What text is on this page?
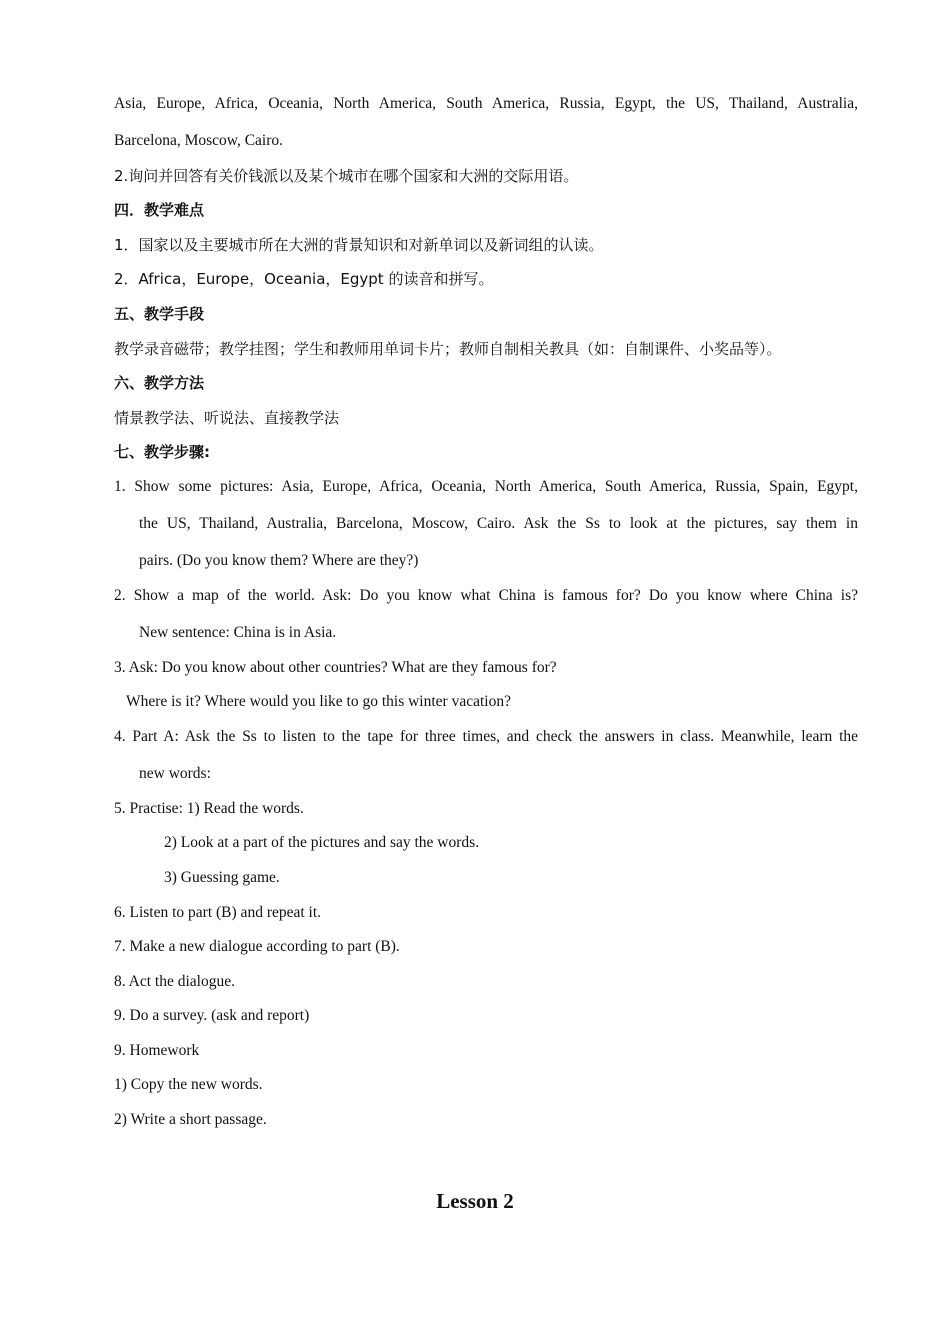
Asia, Europe, Africa, Oceania, North America, South America, Russia, Egypt, the US, Thailand, Australia,
Barcelona, Moscow, Cairo.
2.询问并回答有关价钱派以及某个城市在哪个国家和大洲的交际用语。
四．教学难点
1．国家以及主要城市所在大洲的背景知识和对新单词以及新词组的认读。
2．Africa，Europe，Oceania，Egypt 的读音和拼写。
五、教学手段
教学录音磁带；教学挂图；学生和教师用单词卡片；教师自制相关教具（如：自制课件、小奖品等）。
六、教学方法
情景教学法、听说法、直接教学法
七、教学步骤:
1. Show some pictures: Asia, Europe, Africa, Oceania, North America, South America, Russia, Spain, Egypt,
the US, Thailand, Australia, Barcelona, Moscow, Cairo. Ask the Ss to look at the pictures, say them in
pairs. (Do you know them? Where are they?)
2. Show a map of the world. Ask: Do you know what China is famous for? Do you know where China is?
New sentence: China is in Asia.
3. Ask: Do you know about other countries? What are they famous for?
Where is it? Where would you like to go this winter vacation?
4. Part A: Ask the Ss to listen to the tape for three times, and check the answers in class. Meanwhile, learn the
new words:
5. Practise: 1) Read the words.
2) Look at a part of the pictures and say the words.
3) Guessing game.
6. Listen to part (B) and repeat it.
7. Make a new dialogue according to part (B).
8. Act the dialogue.
9. Do a survey. (ask and report)
9. Homework
1) Copy the new words.
2) Write a short passage.
Lesson 2
